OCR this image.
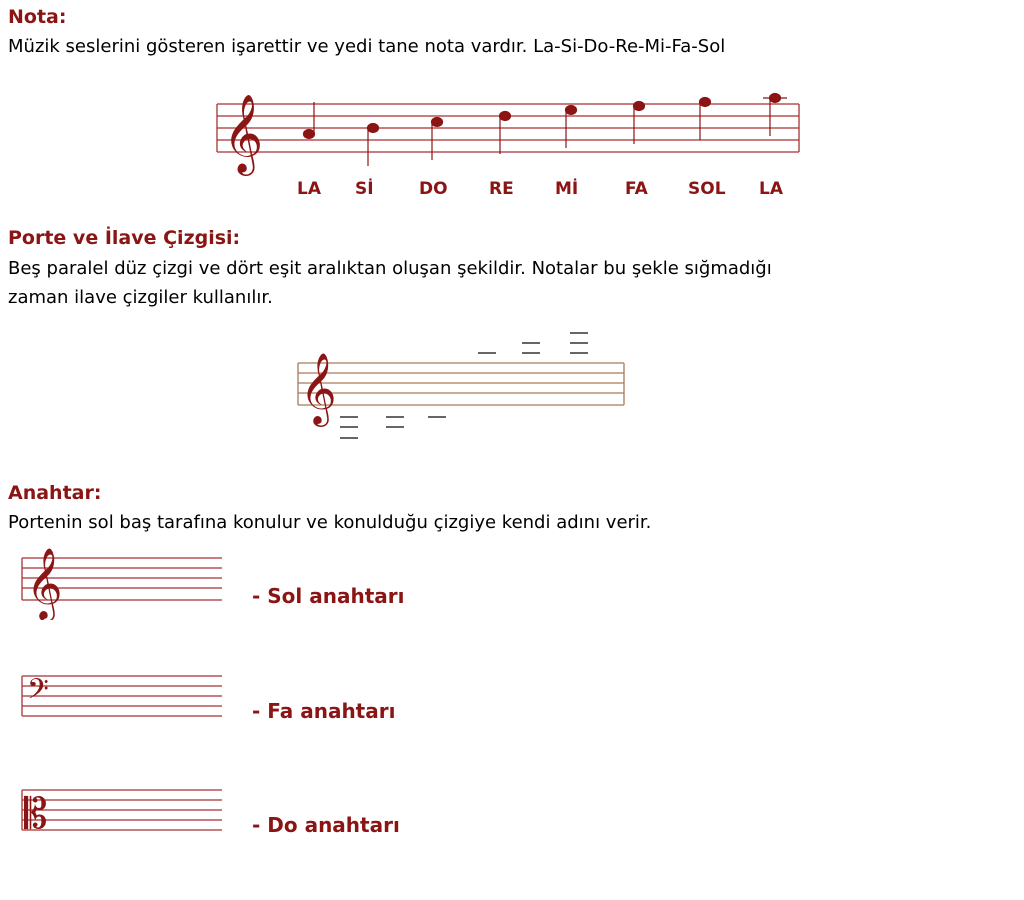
Nota:
Müzik seslerini gösteren işarettir ve yedi tane nota vardır. La-Si-Do-Re-Mi-Fa-Sol
𝄞
LA Sİ	DO RE Mİ	FA SOL LA
Porte ve İlave Çizgisi:
Beş paralel düz çizgi ve dört eşit aralıktan oluşan şekildir. Notalar bu şekle sığmadığı
zaman ilave çizgiler kullanılır.
𝄞
Anahtar:
Portenin sol baş tarafına konulur ve konulduğu çizgiye kendi adını verir.
𝄞	- Sol anahtarı
𝄢	- Fa anahtarı
𝄡	- Do anahtarı
